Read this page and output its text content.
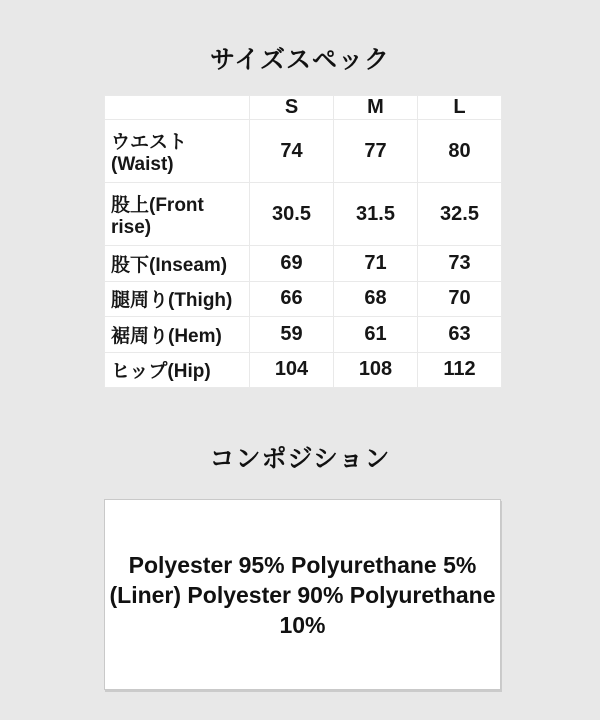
サイズスペック
	S	M	L
ウエスト(Waist)	74	77	80
股上(Front rise)	30.5	31.5	32.5
股下(Inseam)	69	71	73
腿周り(Thigh)	66	68	70
裾周り(Hem)	59	61	63
ヒップ(Hip)	104	108	112
コンポジション
Polyester 95% Polyurethane 5%
(Liner) Polyester 90% Polyurethane
10%
